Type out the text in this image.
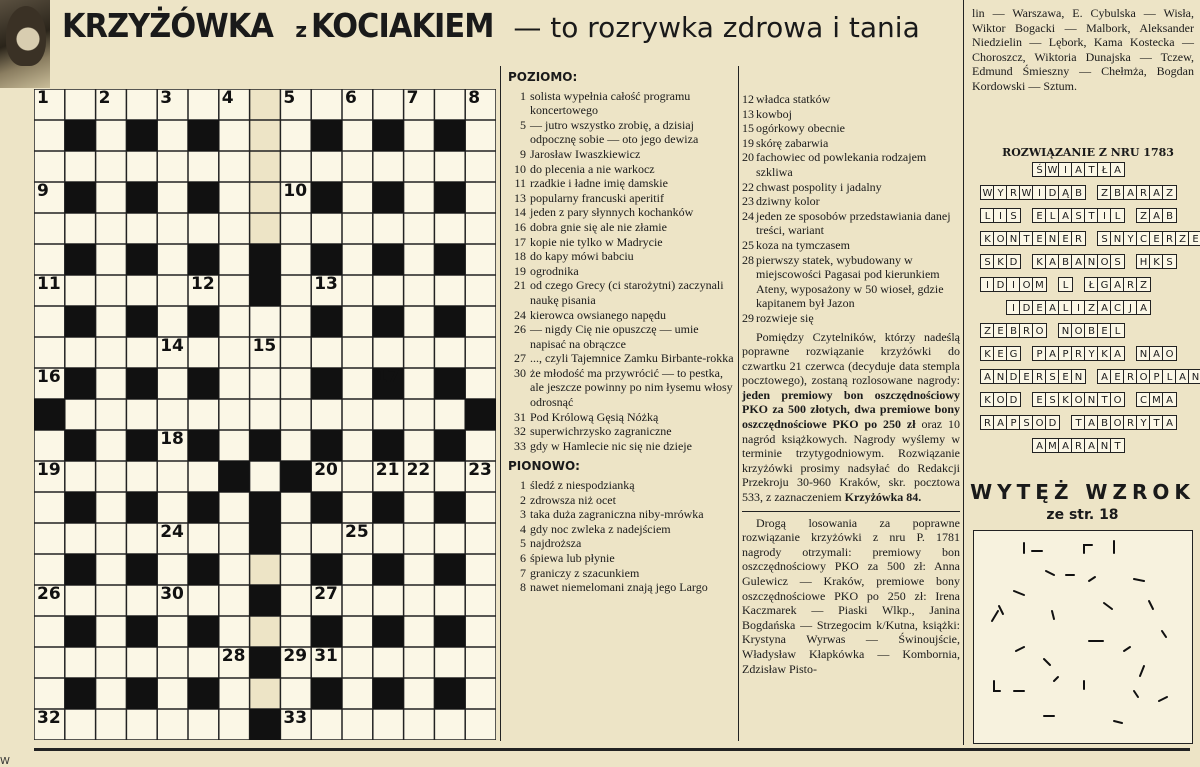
KRZYŻÓWKA z KOCIAKIEM — to rozrywka zdrowa i tania
1	2	3	4	5	6	7	8
9	10
11	12	13
14	15
16	17
18
19	20 21 22 23
24	25
26	27
28 29
30
31
32	33
POZIOMO:
1 solista wypełnia całość programu koncertowego
5 — jutro wszystko zrobię, a dzisiaj odpocznę sobie — oto jego dewiza
9 Jarosław Iwaszkiewicz
10 do plecenia a nie warkocz
11 rzadkie i ładne imię damskie
13 popularny francuski aperitif
14 jeden z pary słynnych kochanków
16 dobra gnie się ale nie złamie
17 kopie nie tylko w Madrycie
18 do kapy mówi babciu
19 ogrodnika
21 od czego Grecy (ci starożytni) zaczynali naukę pisania
24 kierowca owsianego napędu
26 — nigdy Cię nie opuszczę — umie napisać na obrączce
27 ..., czyli Tajemnice Zamku Birbante-rokka
30 że młodość ma przywrócić — to pestka, ale jeszcze powinny po nim łysemu włosy odrosnąć
31 Pod Królową Gęsią Nóżką
32 superwichrzysko zagraniczne
33 gdy w Hamlecie nic się nie dzieje
PIONOWO:
1 śledź z niespodzianką
2 zdrowsza niż ocet
3 taka duża zagraniczna niby-mrówka
4 gdy noc zwleka z nadejściem
5 najdroższa
6 śpiewa lub płynie
7 graniczy z szacunkiem
8 nawet niemelomani znają jego Largo
12 władca statków
13 kowboj
15 ogórkowy obecnie
19 skórę zabarwia
20 fachowiec od powlekania rodzajem szkliwa
22 chwast pospolity i jadalny
23 dziwny kolor
24 jeden ze sposobów przedstawiania danej treści, wariant
25 koza na tymczasem
28 pierwszy statek, wybudowany w miejscowości Pagasai pod kierunkiem Ateny, wyposażony w 50 wioseł, gdzie kapitanem był Jazon
29 rozwieje się
Pomiędzy Czytelników, którzy nadeślą poprawne rozwiązanie krzyżówki do czwartku 21 czerwca (decyduje data stempla pocztowego), zostaną rozlosowane nagrody: jeden premiowy bon oszczędnościowy PKO za 500 złotych, dwa premiowe bony oszczędnościowe PKO po 250 zł oraz 10 nagród książkowych. Nagrody wyślemy w terminie trzytygodniowym. Rozwiązanie krzyżówki prosimy nadsyłać do Redakcji Przekroju 30-960 Kraków, skr. pocztowa 533, z zaznaczeniem Krzyżówka 84.
Drogą losowania za poprawne rozwiązanie krzyżówki z nru P. 1781 nagrody otrzymali: premiowy bon oszczędnościowy PKO za 500 zł: Anna Gulewicz — Kraków, premiowe bony oszczędnościowe PKO po 250 zł: Irena Kaczmarek — Piaski Wlkp., Janina Bogdańska — Strzegocim k/Kutna, książki: Krystyna Wyrwas — Świnoujście, Władysław Kłapkówka — Kombornia, Zdzisław Pisto-
lin — Warszawa, E. Cybulska — Wisła, Wiktor Bogacki — Malbork, Aleksander Niedzielin — Lębork, Kama Kostecka — Choroszcz, Wiktoria Dunajska — Tczew, Edmund Śmieszny — Chełmża, Bogdan Kordowski — Sztum.
ROZWIĄZANIE Z NRU 1783
Ś W I A T Ł A
W Y R W I D Ą B	Z B A R A Z
L I S	E L A S T I L	Z A B
K O N T E N E R	S N Y C E R Z E
S K D	K A B A N O S	H K S
I D I O M	L	Ł G A R Z
I D E A L I Z A C J A
Z E B R O	N O B E L
K E G	P A P R Y K A	N A O
A N D E R S E N	A E R O P L A N
K O D	E S K O N T O	C M A
R A P S O D	T A B O R Y T A
A M A R A N T
WYTĘŻ WZROK
ze str. 18
W
